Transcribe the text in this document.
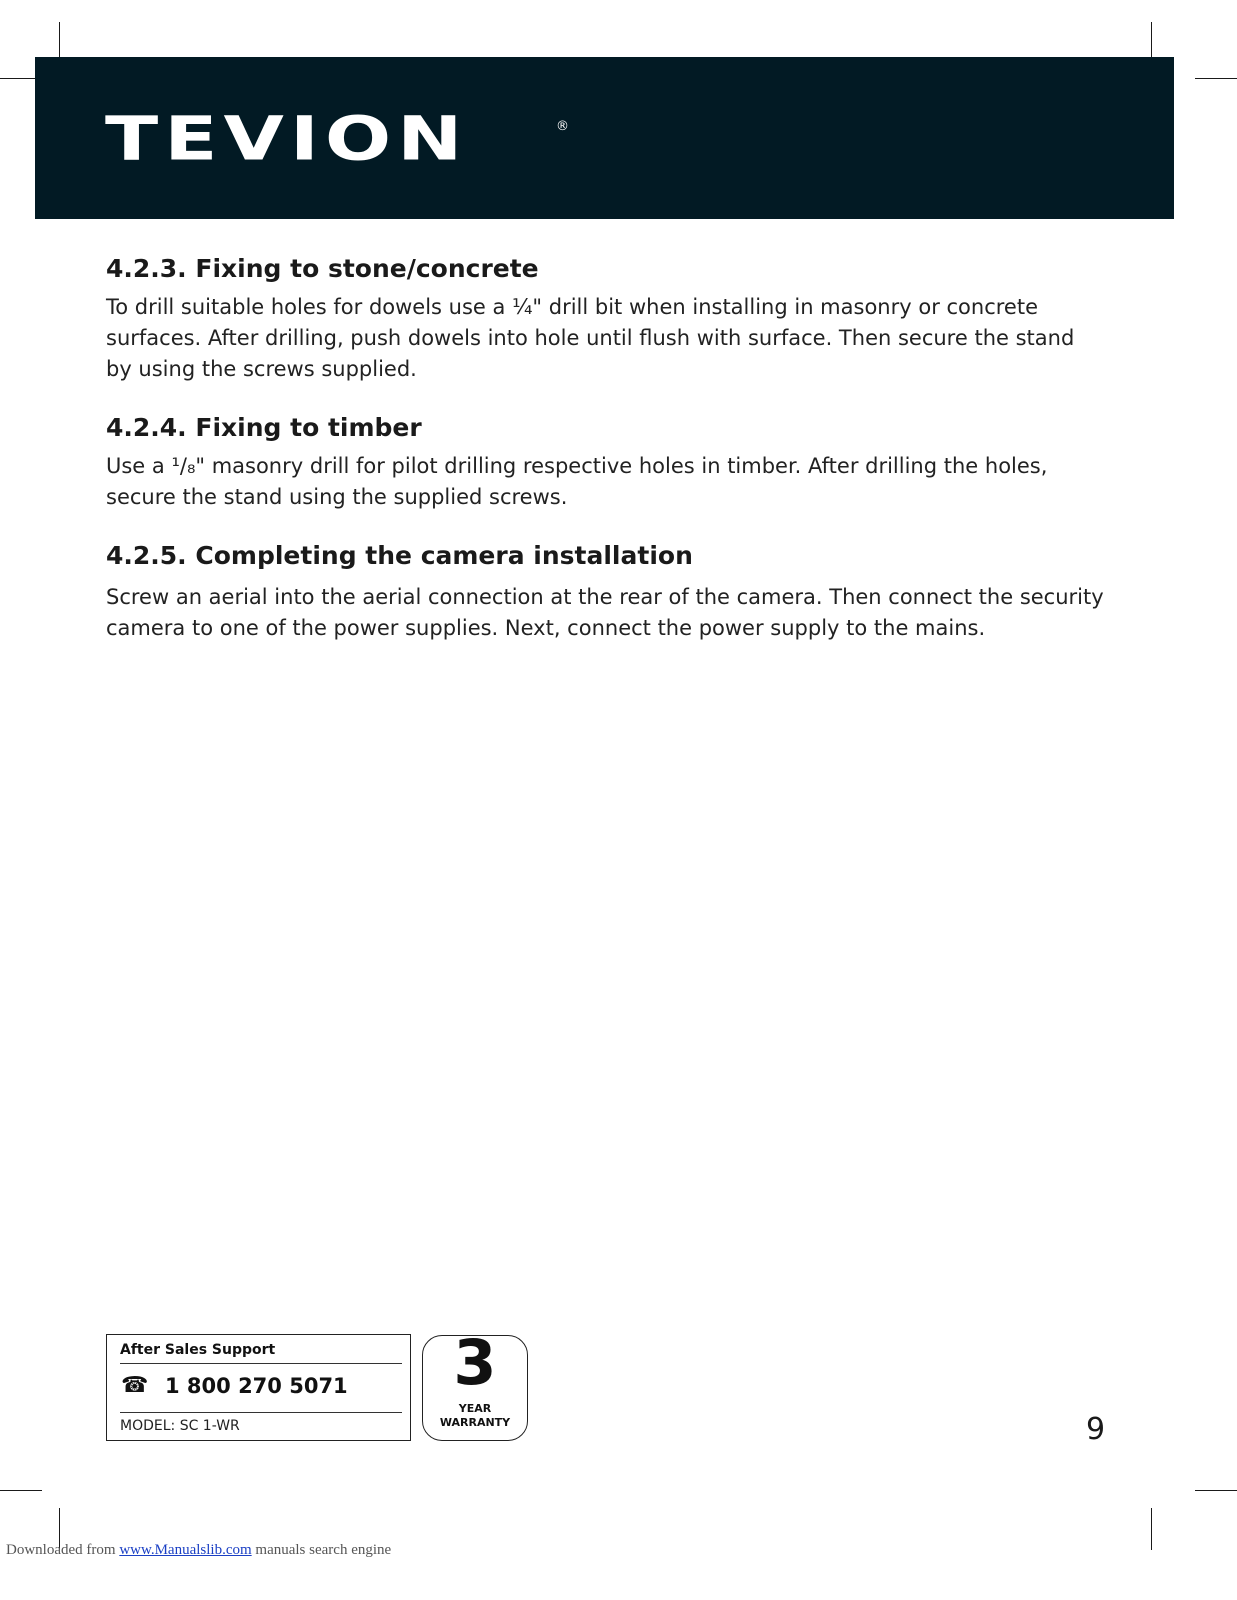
TEVION	®
4.2.3. Fixing to stone/concrete

To drill suitable holes for dowels use a ¼" drill bit when installing in masonry or concrete surfaces. After drilling, push dowels into hole until flush with surface. Then secure the stand by using the screws supplied.

4.2.4. Fixing to timber

Use a ¹/₈" masonry drill for pilot drilling respective holes in timber. After drilling the holes, secure the stand using the supplied screws.

4.2.5. Completing the camera installation

Screw an aerial into the aerial connection at the rear of the camera. Then connect the security camera to one of the power supplies. Next, connect the power supply to the mains.

After Sales Support
☎ 1 800 270 5071
MODEL: SC 1-WR
3
YEAR
WARRANTY	9
Downloaded from www.Manualslib.com manuals search engine
